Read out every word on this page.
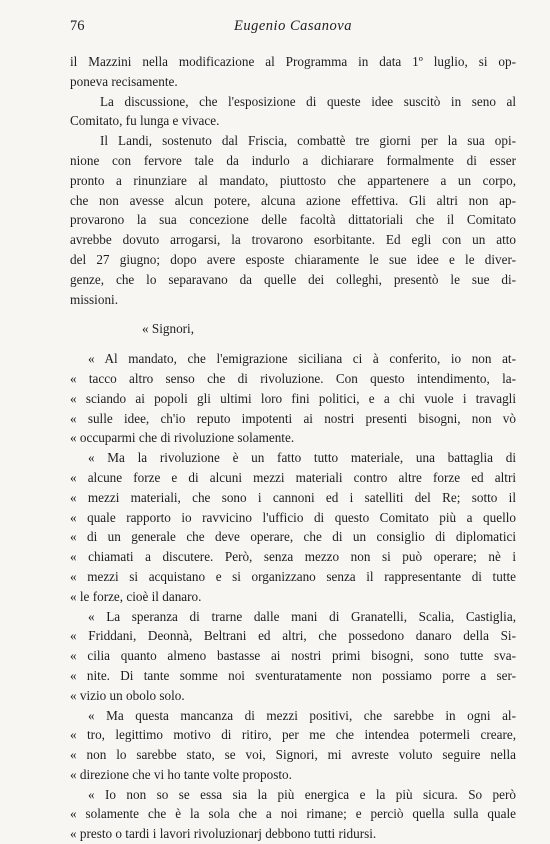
76	Eugenio Casanova
il Mazzini nella modificazione al Programma in data 1º luglio, si op-
poneva recisamente.
La discussione, che l'esposizione di queste idee suscitò in seno al
Comitato, fu lunga e vivace.
Il Landi, sostenuto dal Friscia, combattè tre giorni per la sua opi-
nione con fervore tale da indurlo a dichiarare formalmente di esser
pronto a rinunziare al mandato, piuttosto che appartenere a un corpo,
che non avesse alcun potere, alcuna azione effettiva. Gli altri non ap-
provarono la sua concezione delle facoltà dittatoriali che il Comitato
avrebbe dovuto arrogarsi, la trovarono esorbitante. Ed egli con un atto
del 27 giugno; dopo avere esposte chiaramente le sue idee e le diver-
genze, che lo separavano da quelle dei colleghi, presentò le sue di-
missioni.
« Signori,
« Al mandato, che l'emigrazione siciliana ci à conferito, io non at-
« tacco altro senso che di rivoluzione. Con questo intendimento, la-
« sciando ai popoli gli ultimi loro fini politici, e a chi vuole i travagli
« sulle idee, ch'io reputo impotenti ai nostri presenti bisogni, non vò
« occuparmi che di rivoluzione solamente.
« Ma la rivoluzione è un fatto tutto materiale, una battaglia di
« alcune forze e di alcuni mezzi materiali contro altre forze ed altri
« mezzi materiali, che sono i cannoni ed i satelliti del Re; sotto il
« quale rapporto io ravvicino l'ufficio di questo Comitato più a quello
« di un generale che deve operare, che di un consiglio di diplomatici
« chiamati a discutere. Però, senza mezzo non si può operare; nè i
« mezzi si acquistano e si organizzano senza il rappresentante di tutte
« le forze, cioè il danaro.
« La speranza di trarne dalle mani di Granatelli, Scalia, Castiglia,
« Friddani, Deonnà, Beltrani ed altri, che possedono danaro della Si-
« cilia quanto almeno bastasse ai nostri primi bisogni, sono tutte sva-
« nite. Di tante somme noi sventuratamente non possiamo porre a ser-
« vizio un obolo solo.
« Ma questa mancanza di mezzi positivi, che sarebbe in ogni al-
« tro, legittimo motivo di ritiro, per me che intendea potermeli creare,
« non lo sarebbe stato, se voi, Signori, mi avreste voluto seguire nella
« direzione che vi ho tante volte proposto.
« Io non so se essa sia la più energica e la più sicura. So però
« solamente che è la sola che a noi rimane; e perciò quella sulla quale
« presto o tardi i lavori rivoluzionarj debbono tutti ridursi.
